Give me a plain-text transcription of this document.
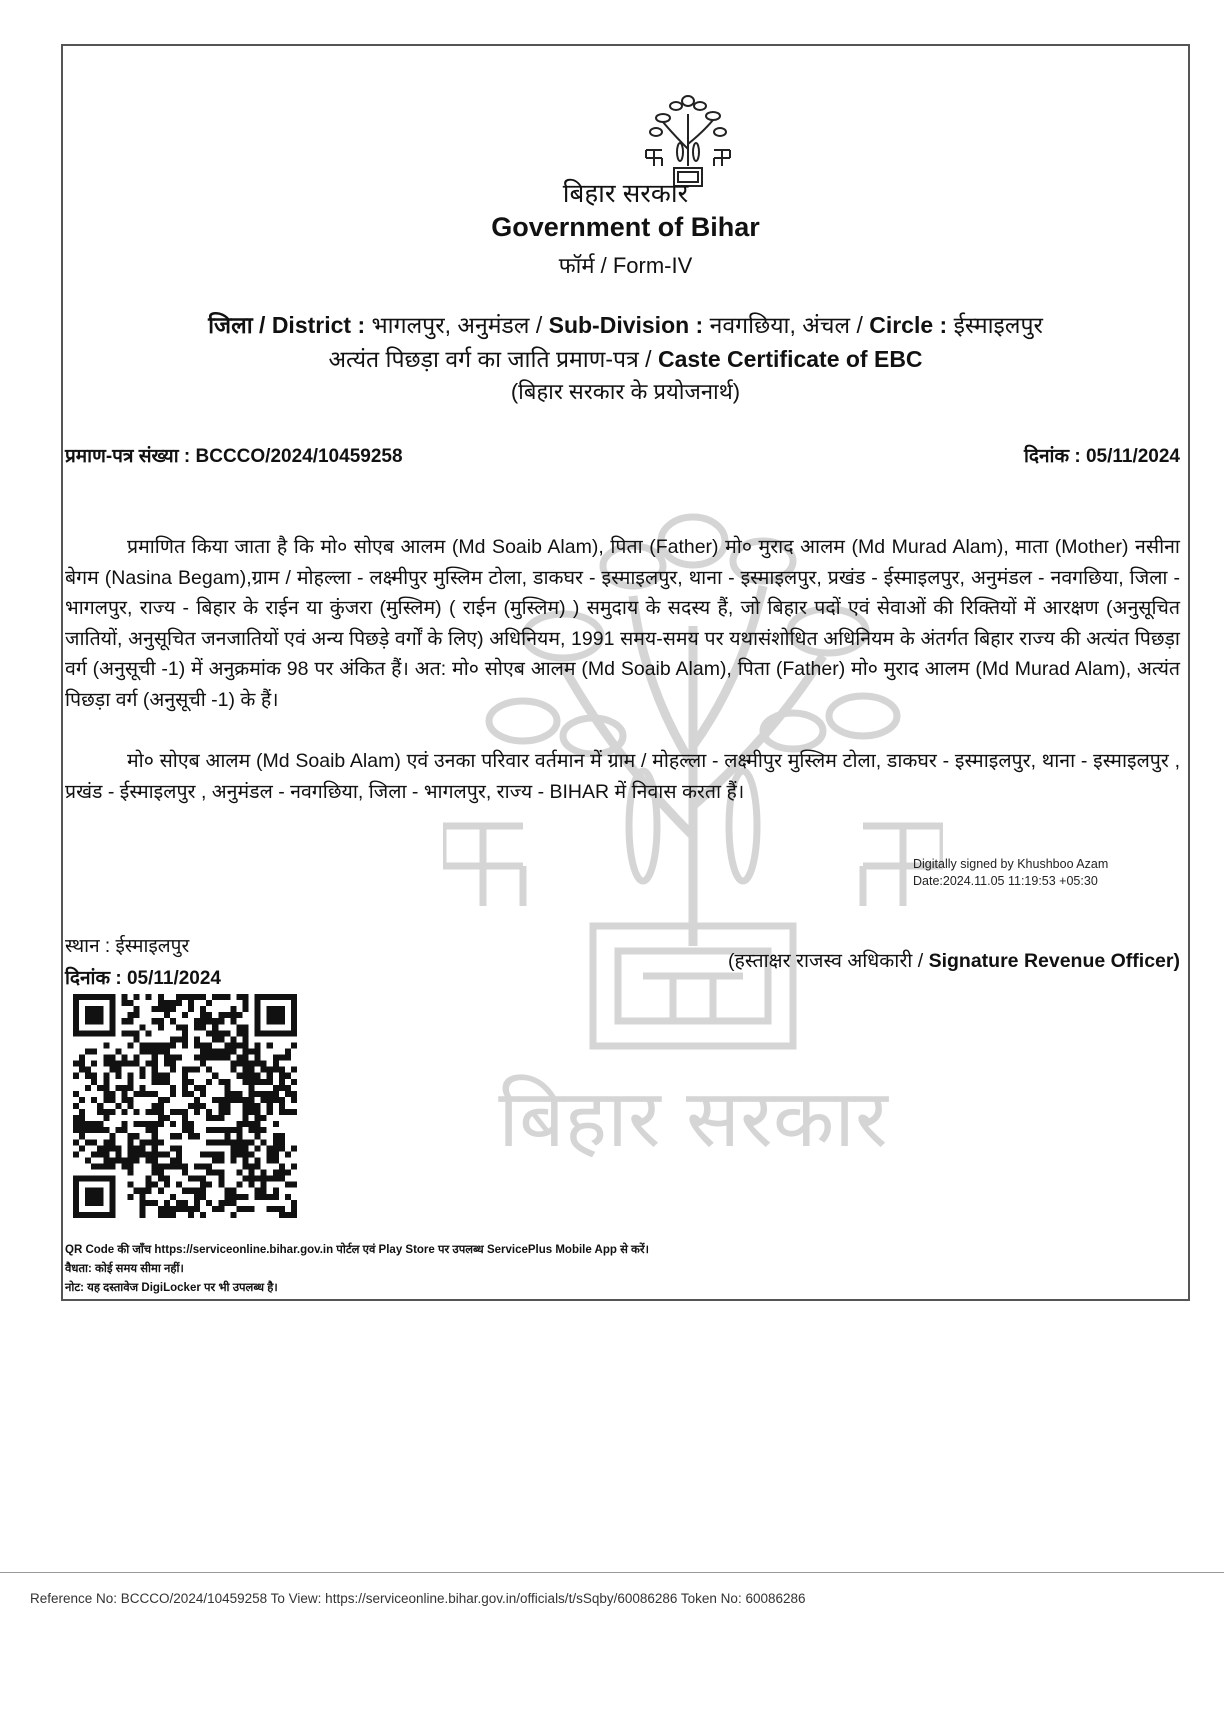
बिहार सरकार
बिहार सरकार
Government of Bihar
फॉर्म / Form-IV
जिला / District : भागलपुर, अनुमंडल / Sub-Division : नवगछिया, अंचल / Circle : ईस्माइलपुर
अत्यंत पिछड़ा वर्ग का जाति प्रमाण-पत्र / Caste Certificate of EBC
(बिहार सरकार के प्रयोजनार्थ)
प्रमाण-पत्र संख्या : BCCCO/2024/10459258	दिनांक : 05/11/2024
प्रमाणित किया जाता है कि मो० सोएब आलम (Md Soaib Alam), पिता (Father) मो० मुराद आलम (Md Murad Alam), माता (Mother) नसीना बेगम (Nasina Begam),ग्राम / मोहल्ला - लक्ष्मीपुर मुस्लिम टोला, डाकघर - इस्माइलपुर, थाना - इस्माइलपुर, प्रखंड - ईस्माइलपुर, अनुमंडल - नवगछिया, जिला - भागलपुर, राज्य - बिहार के राईन या कुंजरा (मुस्लिम) ( राईन (मुस्लिम) ) समुदाय के सदस्य हैं, जो बिहार पदों एवं सेवाओं की रिक्तियों में आरक्षण (अनुसूचित जातियों, अनुसूचित जनजातियों एवं अन्य पिछड़े वर्गों के लिए) अधिनियम, 1991 समय-समय पर यथासंशोधित अधिनियम के अंतर्गत बिहार राज्य की अत्यंत पिछड़ा वर्ग (अनुसूची -1) में अनुक्रमांक 98 पर अंकित हैं। अत: मो० सोएब आलम (Md Soaib Alam), पिता (Father) मो० मुराद आलम (Md Murad Alam), अत्यंत पिछड़ा वर्ग (अनुसूची -1) के हैं।
मो० सोएब आलम (Md Soaib Alam) एवं उनका परिवार वर्तमान में ग्राम / मोहल्ला - लक्ष्मीपुर मुस्लिम टोला, डाकघर - इस्माइलपुर, थाना - इस्माइलपुर , प्रखंड - ईस्माइलपुर , अनुमंडल - नवगछिया, जिला - भागलपुर, राज्य - BIHAR में निवास करता हैं।
Digitally signed by Khushboo Azam
Date:2024.11.05 11:19:53 +05:30
स्थान : ईस्माइलपुर
दिनांक : 05/11/2024
(हस्ताक्षर राजस्व अधिकारी / Signature Revenue Officer)
QR Code की जाँच https://serviceonline.bihar.gov.in पोर्टल एवं Play Store पर उपलब्ध ServicePlus Mobile App से करें।
वैधता: कोई समय सीमा नहीं।
नोट: यह दस्तावेज DigiLocker पर भी उपलब्ध है।
Reference No: BCCCO/2024/10459258 To View: https://serviceonline.bihar.gov.in/officials/t/sSqby/60086286 Token No: 60086286
